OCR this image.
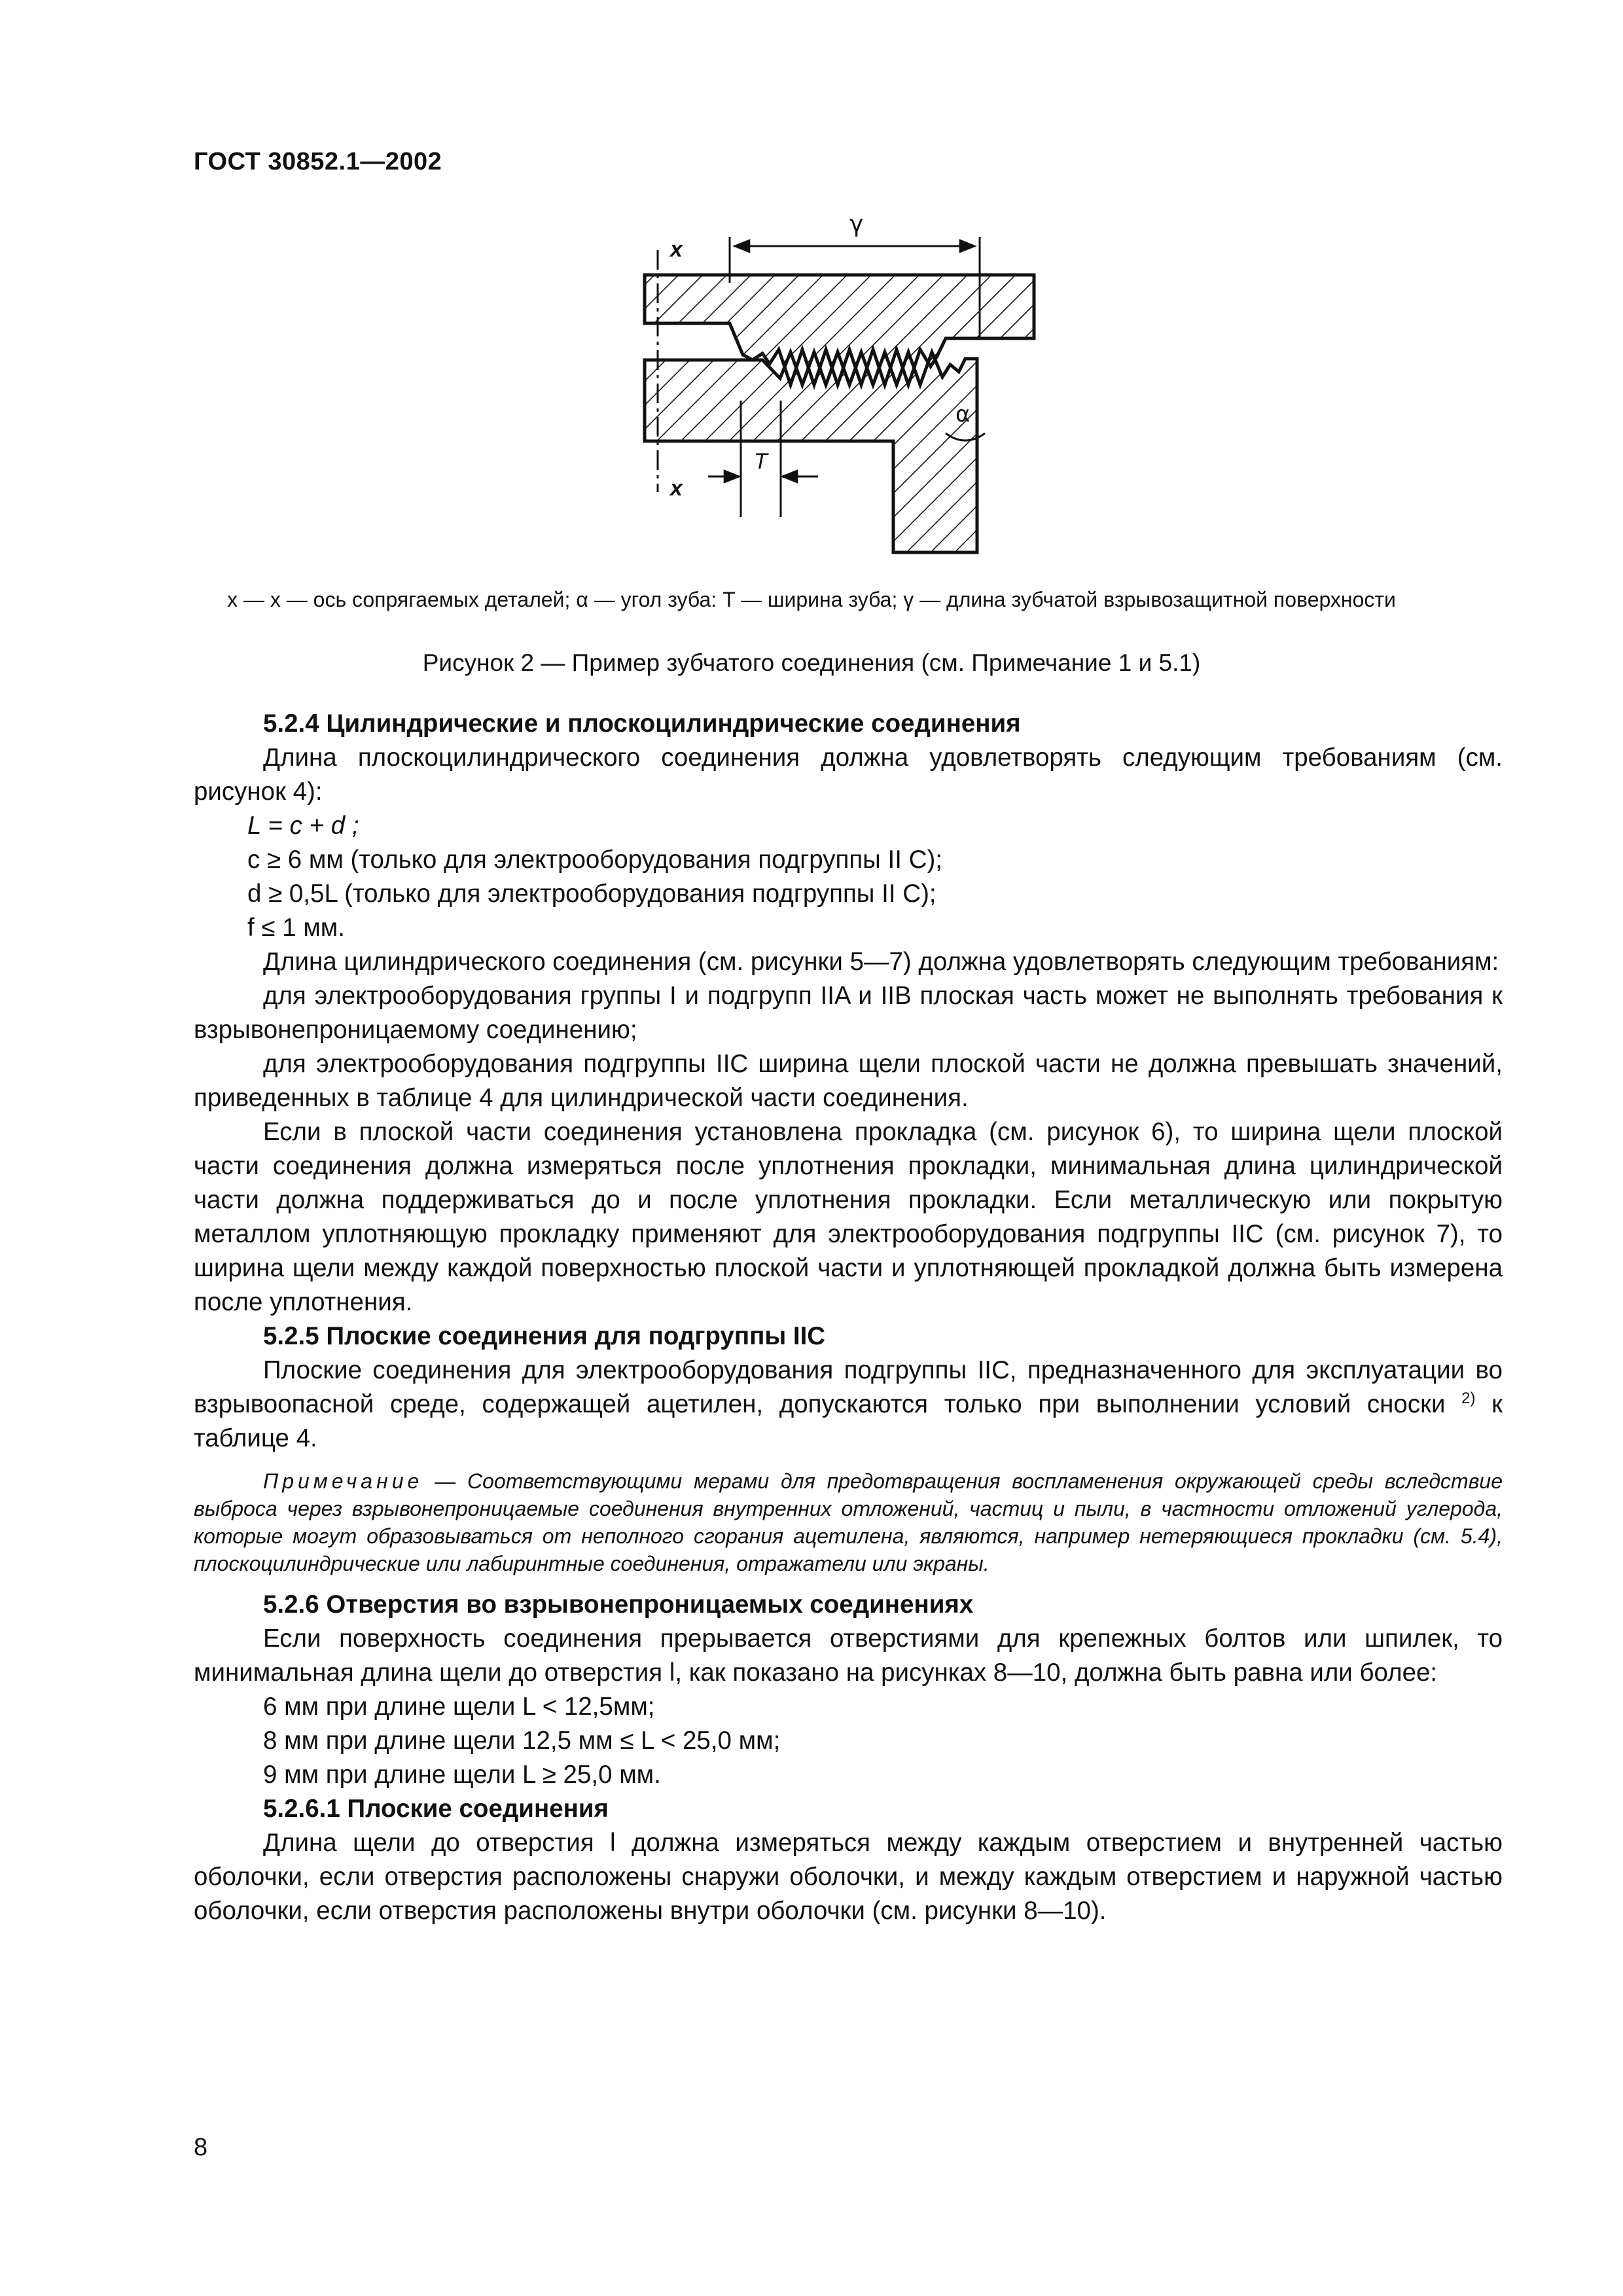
ГОСТ 30852.1—2002
x
x
γ
α
T
x — x — ось сопрягаемых деталей; α — угол зуба: T — ширина зуба; γ — длина зубчатой взрывозащитной поверхности
Рисунок 2 — Пример зубчатого соединения (см. Примечание 1 и 5.1)

5.2.4 Цилиндрические и плоскоцилиндрические соединения

Длина плоскоцилиндрического соединения должна удовлетворять следующим требованиям (см. рисунок 4):

L = c + d ;

c ≥ 6 мм (только для электрооборудования подгруппы II C);

d ≥ 0,5L (только для электрооборудования подгруппы II C);

f ≤ 1 мм.

Длина цилиндрического соединения (см. рисунки 5—7) должна удовлетворять следующим требованиям:

для электрооборудования группы I и подгрупп IIA и IIB плоская часть может не выполнять требования к взрывонепроницаемому соединению;

для электрооборудования подгруппы IIC ширина щели плоской части не должна превышать значений, приведенных в таблице 4 для цилиндрической части соединения.

Если в плоской части соединения установлена прокладка (см. рисунок 6), то ширина щели плоской части соединения должна измеряться после уплотнения прокладки, минимальная длина цилиндрической части должна поддерживаться до и после уплотнения прокладки. Если металлическую или покрытую металлом уплотняющую прокладку применяют для электрооборудования подгруппы IIC (см. рисунок 7), то ширина щели между каждой поверхностью плоской части и уплотняющей прокладкой должна быть измерена после уплотнения.

5.2.5 Плоские соединения для подгруппы IIC

Плоские соединения для электрооборудования подгруппы IIC, предназначенного для эксплуатации во взрывоопасной среде, содержащей ацетилен, допускаются только при выполнении условий сноски $^{2)}$ к таблице 4.

Примечание — Соответствующими мерами для предотвращения воспламенения окружающей среды вследствие выброса через взрывонепроницаемые соединения внутренних отложений, частиц и пыли, в частности отложений углерода, которые могут образовываться от неполного сгорания ацетилена, являются, например нетеряющиеся прокладки (см. 5.4), плоскоцилиндрические или лабиринтные соединения, отражатели или экраны.

5.2.6 Отверстия во взрывонепроницаемых соединениях

Если поверхность соединения прерывается отверстиями для крепежных болтов или шпилек, то минимальная длина щели до отверстия l, как показано на рисунках 8—10, должна быть равна или более:

6 мм при длине щели L < 12,5мм;

8 мм при длине щели 12,5 мм ≤ L < 25,0 мм;

9 мм при длине щели L ≥ 25,0 мм.

5.2.6.1 Плоские соединения

Длина щели до отверстия l должна измеряться между каждым отверстием и внутренней частью оболочки, если отверстия расположены снаружи оболочки, и между каждым отверстием и наружной частью оболочки, если отверстия расположены внутри оболочки (см. рисунки 8—10).

8
